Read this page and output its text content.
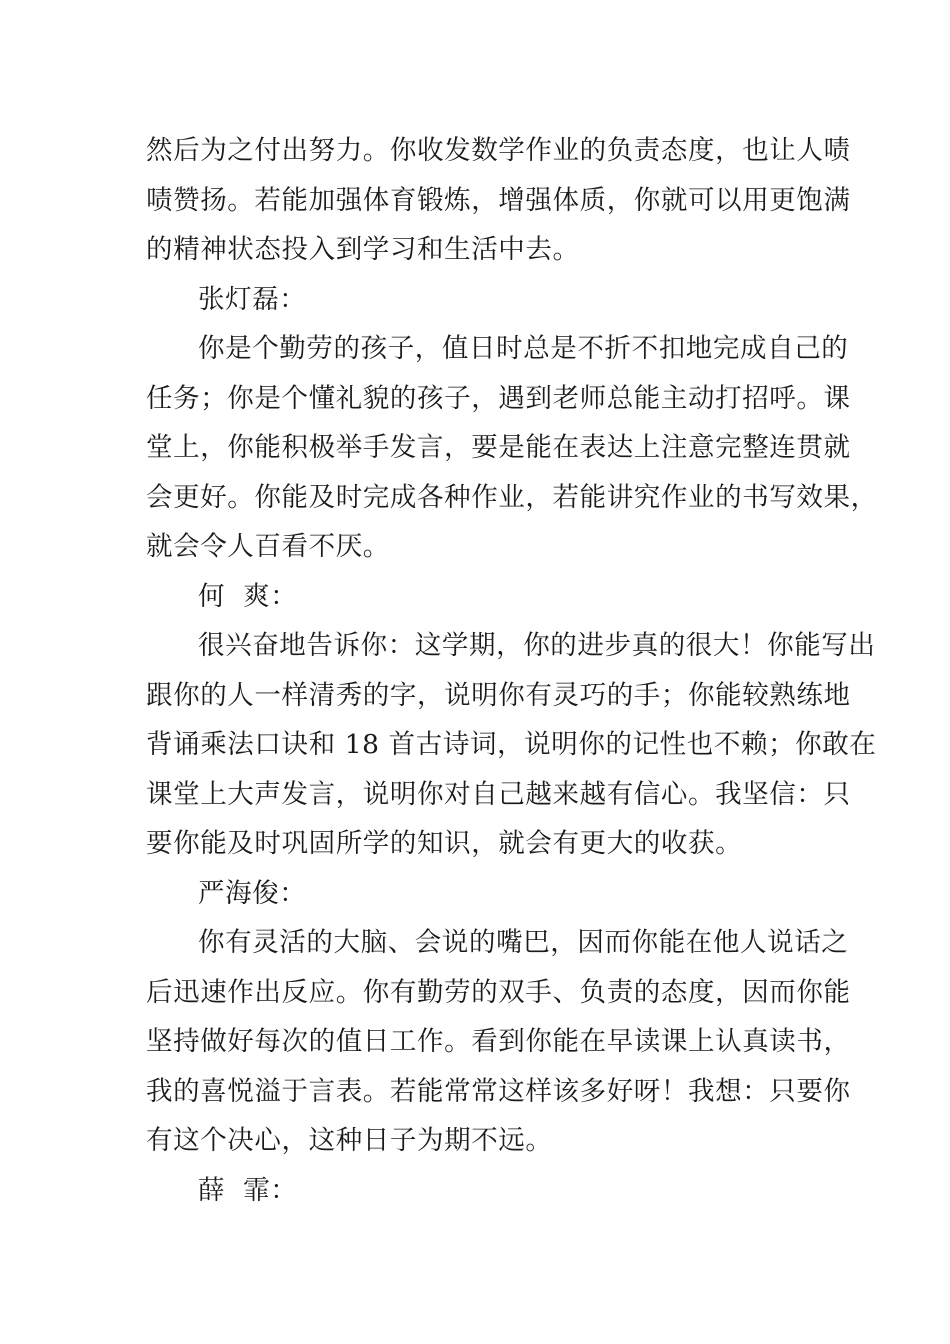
然后为之付出努力。你收发数学作业的负责态度，也让人啧
啧赞扬。若能加强体育锻炼，增强体质，你就可以用更饱满
的精神状态投入到学习和生活中去。
张灯磊：
你是个勤劳的孩子，值日时总是不折不扣地完成自己的
任务；你是个懂礼貌的孩子，遇到老师总能主动打招呼。课
堂上，你能积极举手发言，要是能在表达上注意完整连贯就
会更好。你能及时完成各种作业，若能讲究作业的书写效果，
就会令人百看不厌。
何  爽：
很兴奋地告诉你：这学期，你的进步真的很大！你能写出
跟你的人一样清秀的字，说明你有灵巧的手；你能较熟练地
背诵乘法口诀和 18 首古诗词，说明你的记性也不赖；你敢在
课堂上大声发言，说明你对自己越来越有信心。我坚信：只
要你能及时巩固所学的知识，就会有更大的收获。
严海俊：
你有灵活的大脑、会说的嘴巴，因而你能在他人说话之
后迅速作出反应。你有勤劳的双手、负责的态度，因而你能
坚持做好每次的值日工作。看到你能在早读课上认真读书，
我的喜悦溢于言表。若能常常这样该多好呀！我想：只要你
有这个决心，这种日子为期不远。
薛  霏：
